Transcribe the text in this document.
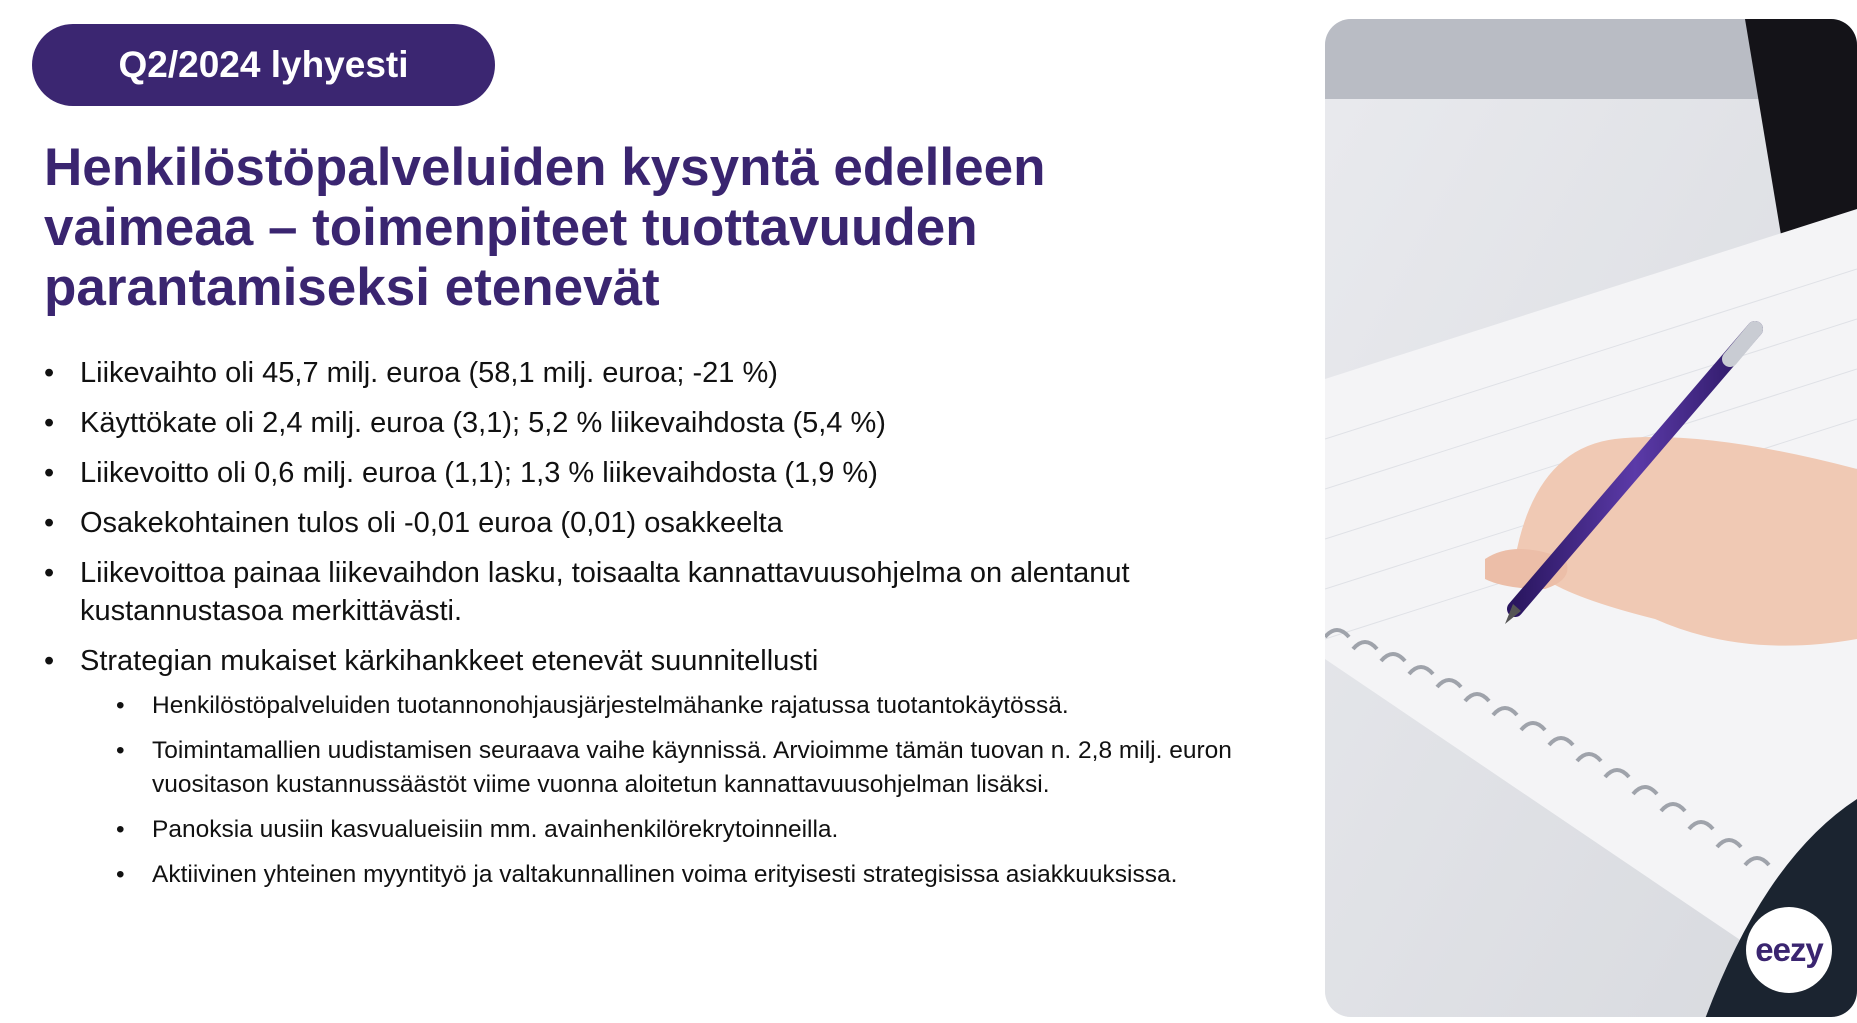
Q2/2024 lyhyesti
Henkilöstöpalveluiden kysyntä edelleen
vaimeaa – toimenpiteet tuottavuuden
parantamiseksi etenevät
• Liikevaihto oli 45,7 milj. euroa (58,1 milj. euroa; -21 %)
• Käyttökate oli 2,4 milj. euroa (3,1); 5,2 % liikevaihdosta (5,4 %)
• Liikevoitto oli 0,6 milj. euroa (1,1); 1,3 % liikevaihdosta (1,9 %)
• Osakekohtainen tulos oli -0,01 euroa (0,01) osakkeelta
• Liikevoittoa painaa liikevaihdon lasku, toisaalta kannattavuusohjelma on alentanut kustannustasoa merkittävästi.
• Strategian mukaiset kärkihankkeet etenevät suunnitellusti
• Henkilöstöpalveluiden tuotannonohjausjärjestelmähanke rajatussa tuotantokäytössä.
• Toimintamallien uudistamisen seuraava vaihe käynnissä. Arvioimme tämän tuovan n. 2,8 milj. euron vuositason kustannussäästöt viime vuonna aloitetun kannattavuusohjelman lisäksi.
• Panoksia uusiin kasvualueisiin mm. avainhenkilörekrytoinneilla.
• Aktiivinen yhteinen myyntityö ja valtakunnallinen voima erityisesti strategisissa asiakkuuksissa.
eezy
